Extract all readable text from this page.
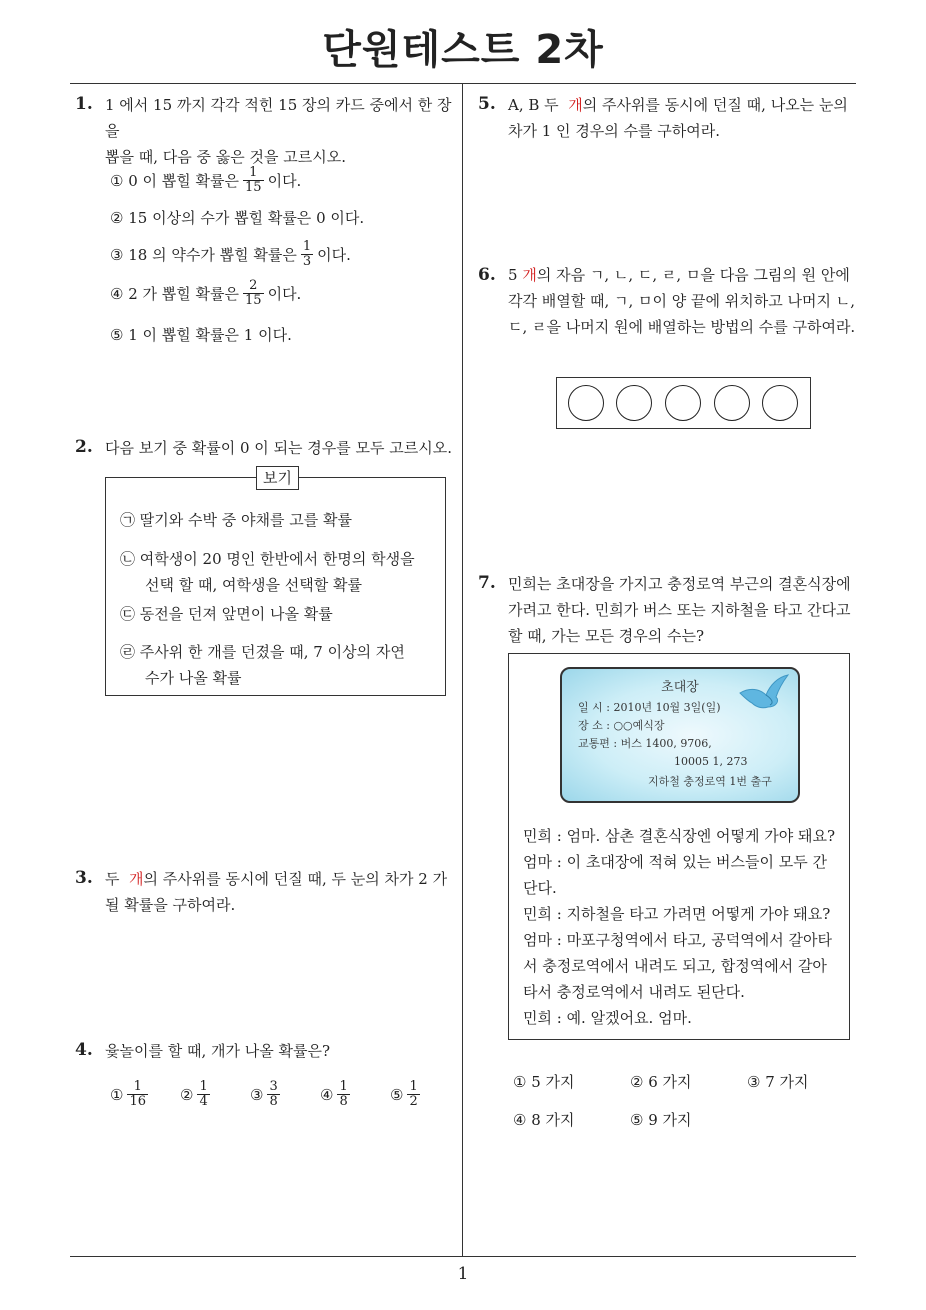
단원테스트 2차
1
1. 1 에서 15 까지 각각 적힌 15 장의 카드 중에서 한 장을
뽑을 때, 다음 중 옳은 것을 고르시오.
①
0 이 뽑힐 확률은 $\frac{1}{15}$ 이다.
②
15 이상의 수가 뽑힐 확률은 0 이다.
③
18 의 약수가 뽑힐 확률은 $\frac{1}{3}$ 이다.
④
2 가 뽑힐 확률은 $\frac{2}{15}$ 이다.
⑤
1 이 뽑힐 확률은 1 이다.
2. 다음 보기 중 확률이 0 이 되는 경우를 모두 고르시오.
보기
㉠ 딸기와 수박 중 야채를 고를 확률
㉡ 여학생이 20 명인 한반에서 한명의 학생을
선택 할 때, 여학생을 선택할 확률
㉢ 동전을 던져 앞면이 나올 확률
㉣ 주사위 한 개를 던졌을 때, 7 이상의 자연
수가 나올 확률
3. 두 개의 주사위를 동시에 던질 때, 두 눈의 차가 2 가
될 확률을 구하여라.
4. 윷놀이를 할 때, 개가 나올 확률은?
① $\frac{1}{16}$ ② $\frac{1}{4}$	③ $\frac{3}{8}$	④ $\frac{1}{8}$	⑤ $\frac{1}{2}$
5. A, B 두 개의 주사위를 동시에 던질 때, 나오는 눈의
차가 1 인 경우의 수를 구하여라.
6. 5 개의 자음 ㄱ, ㄴ, ㄷ, ㄹ, ㅁ을 다음 그림의 원 안에
각각 배열할 때, ㄱ, ㅁ이 양 끝에 위치하고 나머지 ㄴ,
ㄷ, ㄹ을 나머지 원에 배열하는 방법의 수를 구하여라.
7. 민희는 초대장을 가지고 충정로역 부근의 결혼식장에
가려고 한다. 민희가 버스 또는 지하철을 타고 간다고
할 때, 가는 모든 경우의 수는?
초대장
일 시 : 2010년 10월 3일(일)
장 소 : ○○예식장
교통편 : 버스 1400, 9706,
10005 1, 273
지하철 충정로역 1번 출구
민희 : 엄마. 삼촌 결혼식장엔 어떻게 가야 돼요?
엄마 : 이 초대장에 적혀 있는 버스들이 모두 간
단다.
민희 : 지하철을 타고 가려면 어떻게 가야 돼요?
엄마 : 마포구청역에서 타고, 공덕역에서 갈아타
서 충정로역에서 내려도 되고, 합정역에서 갈아
타서 충정로역에서 내려도 된단다.
민희 : 예. 알겠어요. 엄마.
①
5 가지	②
6 가지	③
7 가지
④
8 가지	⑤
9 가지
